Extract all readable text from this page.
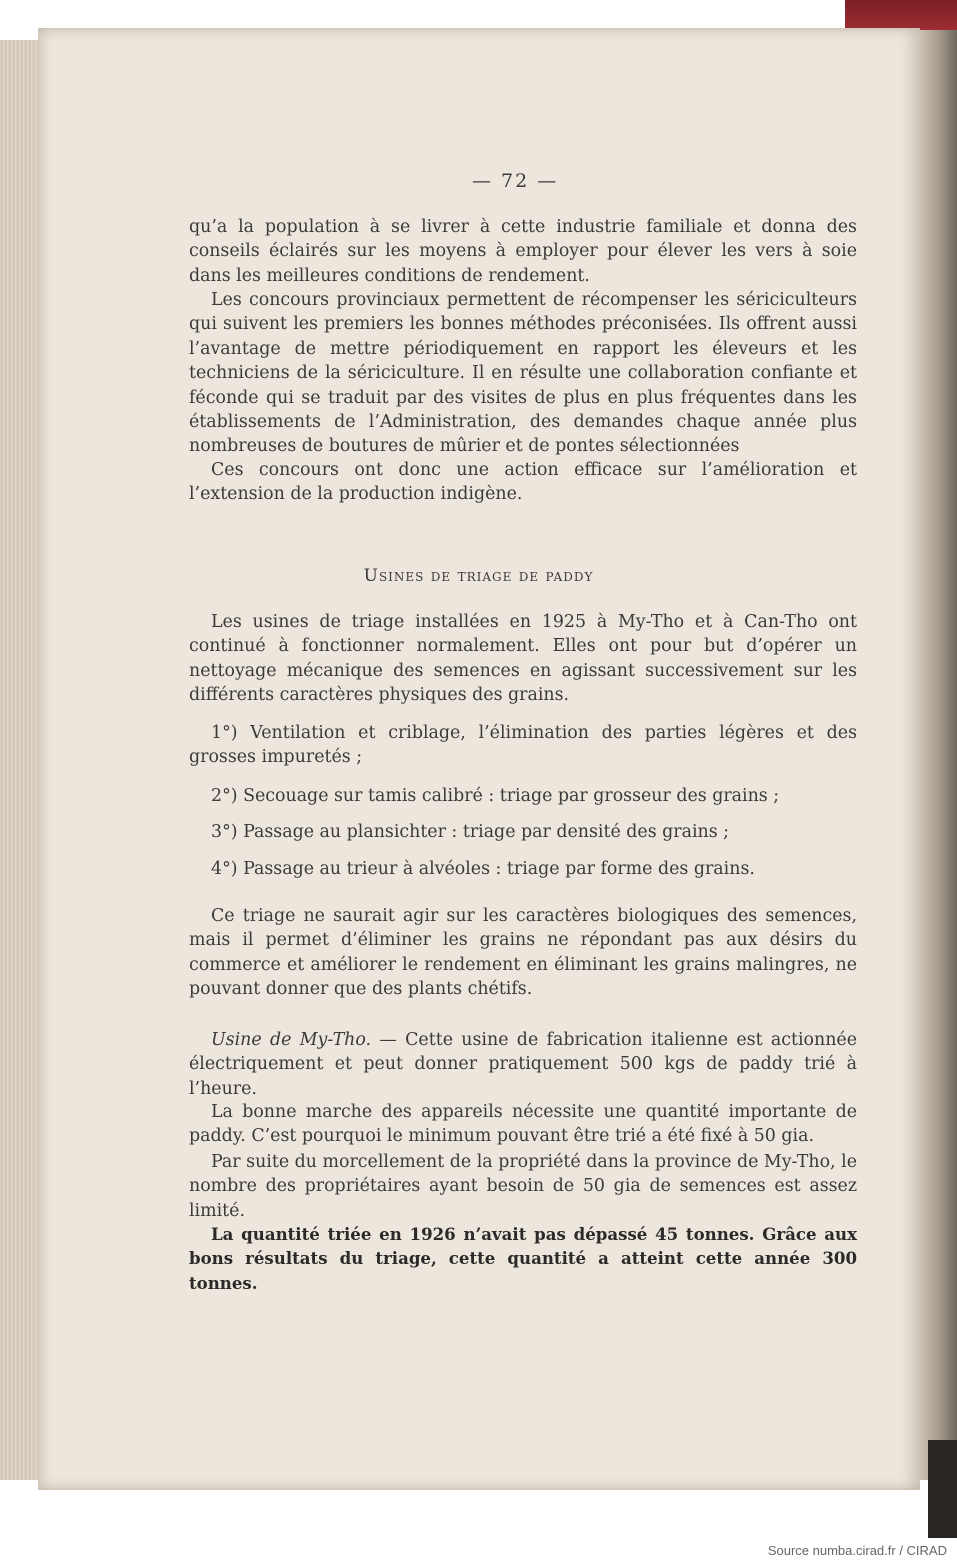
— 72 —

qu’a la population à se livrer à cette industrie familiale et donna des conseils éclairés sur les moyens à employer pour élever les vers à soie dans les meilleures conditions de rendement.

Les concours provinciaux permettent de récompenser les sériciculteurs qui suivent les premiers les bonnes méthodes préconisées. Ils offrent aussi l’avantage de mettre périodiquement en rapport les éleveurs et les techniciens de la sériciculture. Il en résulte une collaboration confiante et féconde qui se traduit par des visites de plus en plus fréquentes dans les établissements de l’Administration, des demandes chaque année plus nombreuses de boutures de mûrier et de pontes sélectionnées

Ces concours ont donc une action efficace sur l’amélioration et l’extension de la production indigène.

Usines de triage de paddy

Les usines de triage installées en 1925 à My-Tho et à Can-Tho ont continué à fonctionner normalement. Elles ont pour but d’opérer un nettoyage mécanique des semences en agissant successivement sur les différents caractères physiques des grains.

1°) Ventilation et criblage, l’élimination des parties légères et des grosses impuretés ;

2°) Secouage sur tamis calibré : triage par grosseur des grains ;

3°) Passage au plansichter : triage par densité des grains ;

4°) Passage au trieur à alvéoles : triage par forme des grains.

Ce triage ne saurait agir sur les caractères biologiques des semences, mais il permet d’éliminer les grains ne répondant pas aux désirs du commerce et améliorer le rendement en éliminant les grains malingres, ne pouvant donner que des plants chétifs.

Usine de My-Tho. — Cette usine de fabrication italienne est actionnée électriquement et peut donner pratiquement 500 kgs de paddy trié à l’heure.

La bonne marche des appareils nécessite une quantité importante de paddy. C’est pourquoi le minimum pouvant être trié a été fixé à 50 gia.

Par suite du morcellement de la propriété dans la province de My-Tho, le nombre des propriétaires ayant besoin de 50 gia de semences est assez limité.

La quantité triée en 1926 n’avait pas dépassé 45 tonnes. Grâce aux bons résultats du triage, cette quantité a atteint cette année 300 tonnes.

Source numba.cirad.fr / CIRAD
